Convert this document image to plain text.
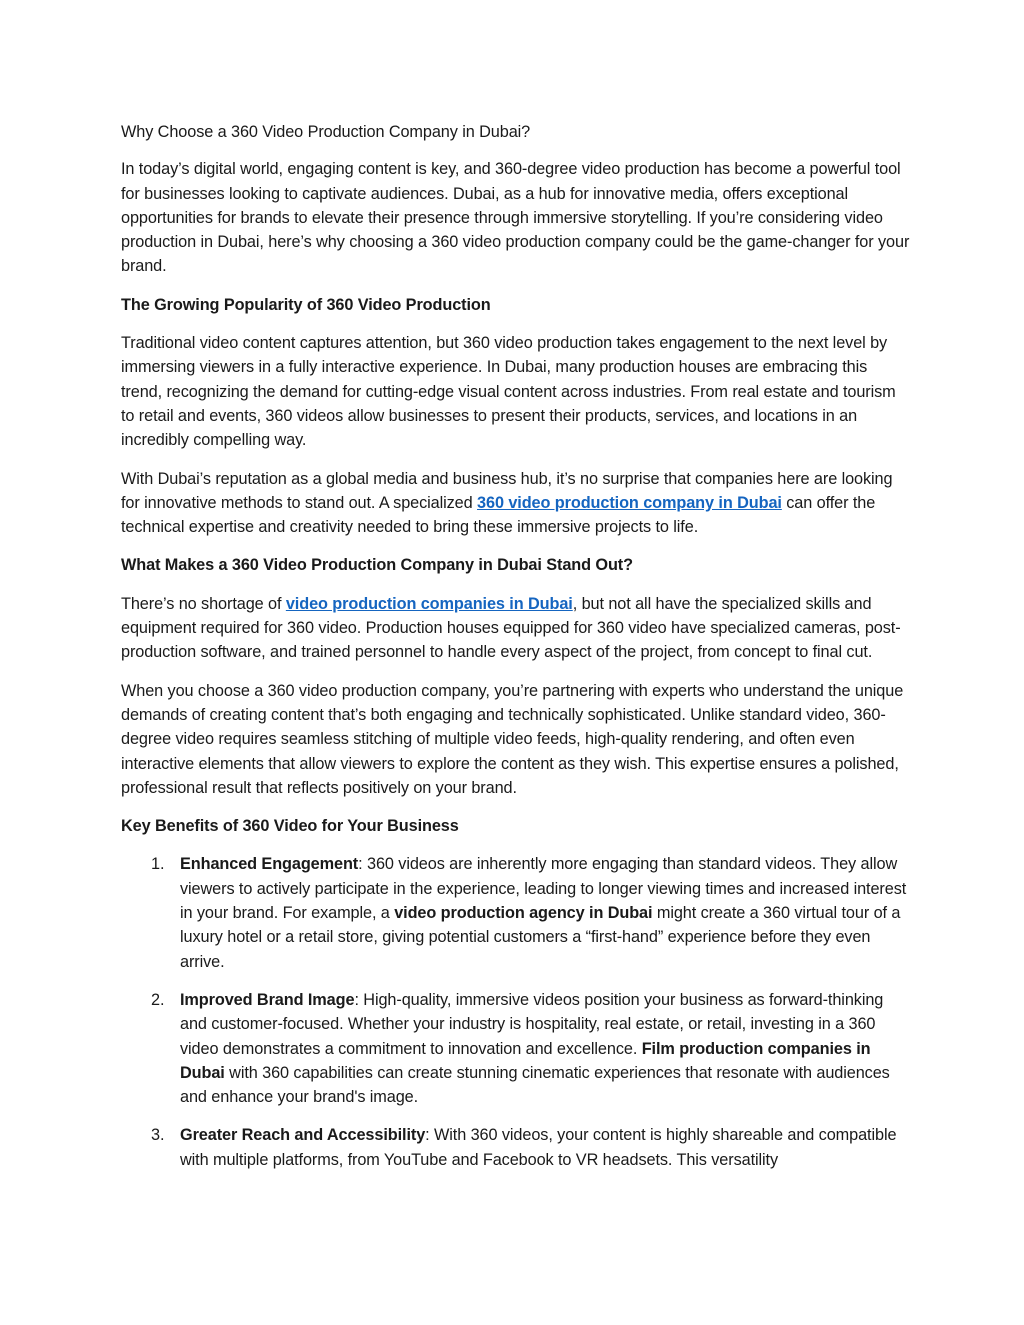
Why Choose a 360 Video Production Company in Dubai?

In today’s digital world, engaging content is key, and 360-degree video production has become a powerful tool for businesses looking to captivate audiences. Dubai, as a hub for innovative media, offers exceptional opportunities for brands to elevate their presence through immersive storytelling. If you’re considering video production in Dubai, here’s why choosing a 360 video production company could be the game-changer for your brand.

The Growing Popularity of 360 Video Production

Traditional video content captures attention, but 360 video production takes engagement to the next level by immersing viewers in a fully interactive experience. In Dubai, many production houses are embracing this trend, recognizing the demand for cutting-edge visual content across industries. From real estate and tourism to retail and events, 360 videos allow businesses to present their products, services, and locations in an incredibly compelling way.

With Dubai’s reputation as a global media and business hub, it’s no surprise that companies here are looking for innovative methods to stand out. A specialized 360 video production company in Dubai can offer the technical expertise and creativity needed to bring these immersive projects to life.

What Makes a 360 Video Production Company in Dubai Stand Out?

There’s no shortage of video production companies in Dubai, but not all have the specialized skills and equipment required for 360 video. Production houses equipped for 360 video have specialized cameras, post-production software, and trained personnel to handle every aspect of the project, from concept to final cut.

When you choose a 360 video production company, you’re partnering with experts who understand the unique demands of creating content that’s both engaging and technically sophisticated. Unlike standard video, 360-degree video requires seamless stitching of multiple video feeds, high-quality rendering, and often even interactive elements that allow viewers to explore the content as they wish. This expertise ensures a polished, professional result that reflects positively on your brand.

Key Benefits of 360 Video for Your Business
1. Enhanced Engagement: 360 videos are inherently more engaging than standard videos. They allow viewers to actively participate in the experience, leading to longer viewing times and increased interest in your brand. For example, a video production agency in Dubai might create a 360 virtual tour of a luxury hotel or a retail store, giving potential customers a “first-hand” experience before they even arrive.
2. Improved Brand Image: High-quality, immersive videos position your business as forward-thinking and customer-focused. Whether your industry is hospitality, real estate, or retail, investing in a 360 video demonstrates a commitment to innovation and excellence. Film production companies in Dubai with 360 capabilities can create stunning cinematic experiences that resonate with audiences and enhance your brand's image.
3. Greater Reach and Accessibility: With 360 videos, your content is highly shareable and compatible with multiple platforms, from YouTube and Facebook to VR headsets. This versatility
